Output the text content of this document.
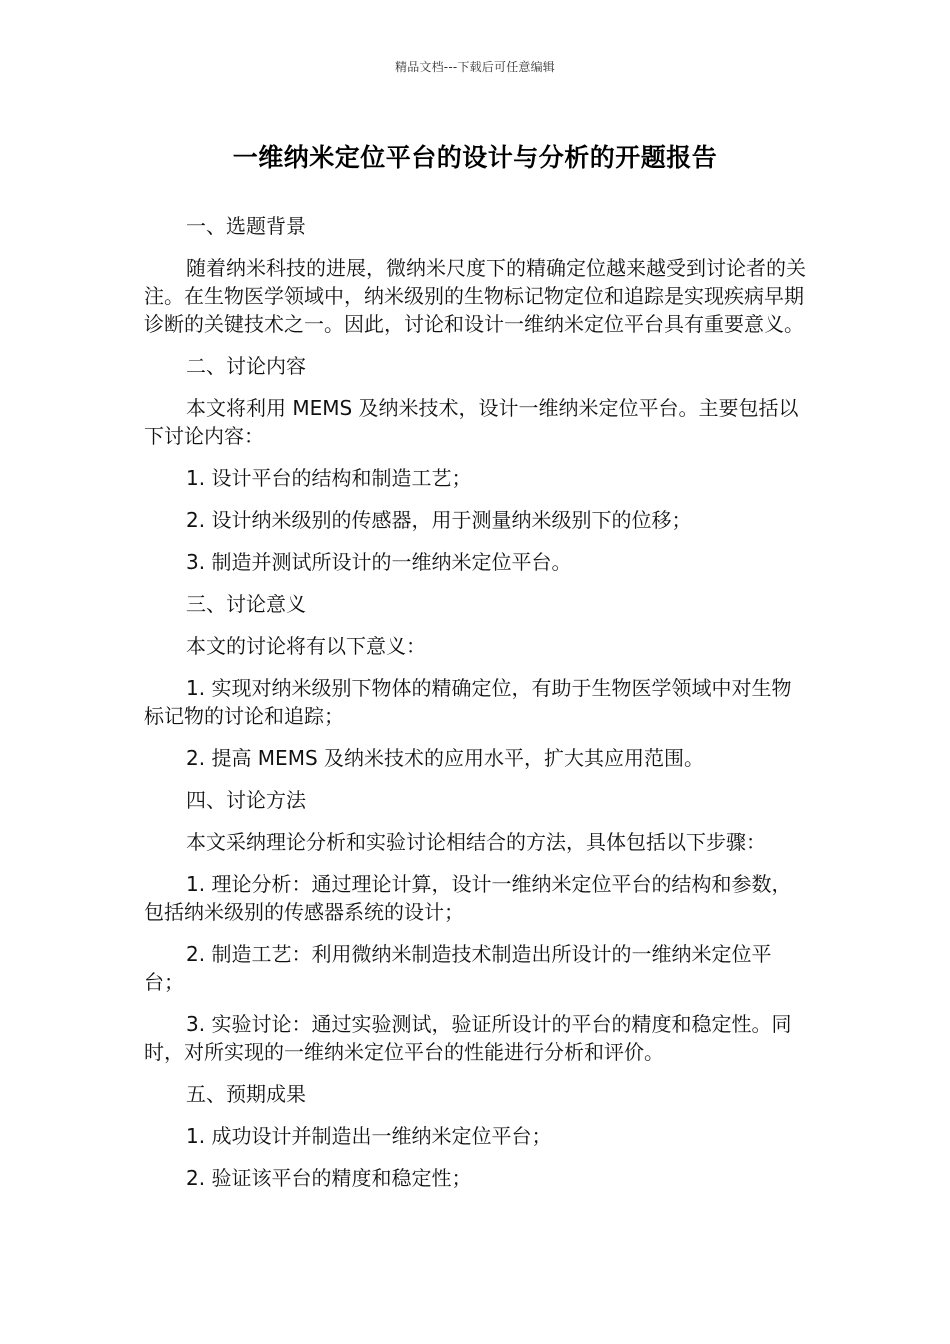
精品文档---下载后可任意编辑
一维纳米定位平台的设计与分析的开题报告

一、选题背景

随着纳米科技的进展，微纳米尺度下的精确定位越来越受到讨论者的关注。在生物医学领域中，纳米级别的生物标记物定位和追踪是实现疾病早期诊断的关键技术之一。因此，讨论和设计一维纳米定位平台具有重要意义。

二、讨论内容

本文将利用 MEMS 及纳米技术，设计一维纳米定位平台。主要包括以下讨论内容：

1. 设计平台的结构和制造工艺；

2. 设计纳米级别的传感器，用于测量纳米级别下的位移；

3. 制造并测试所设计的一维纳米定位平台。

三、讨论意义

本文的讨论将有以下意义：

1. 实现对纳米级别下物体的精确定位，有助于生物医学领域中对生物标记物的讨论和追踪；

2. 提高 MEMS 及纳米技术的应用水平，扩大其应用范围。

四、讨论方法

本文采纳理论分析和实验讨论相结合的方法，具体包括以下步骤：

1. 理论分析：通过理论计算，设计一维纳米定位平台的结构和参数，包括纳米级别的传感器系统的设计；

2. 制造工艺：利用微纳米制造技术制造出所设计的一维纳米定位平台；

3. 实验讨论：通过实验测试，验证所设计的平台的精度和稳定性。同时，对所实现的一维纳米定位平台的性能进行分析和评价。

五、预期成果

1. 成功设计并制造出一维纳米定位平台；

2. 验证该平台的精度和稳定性；
